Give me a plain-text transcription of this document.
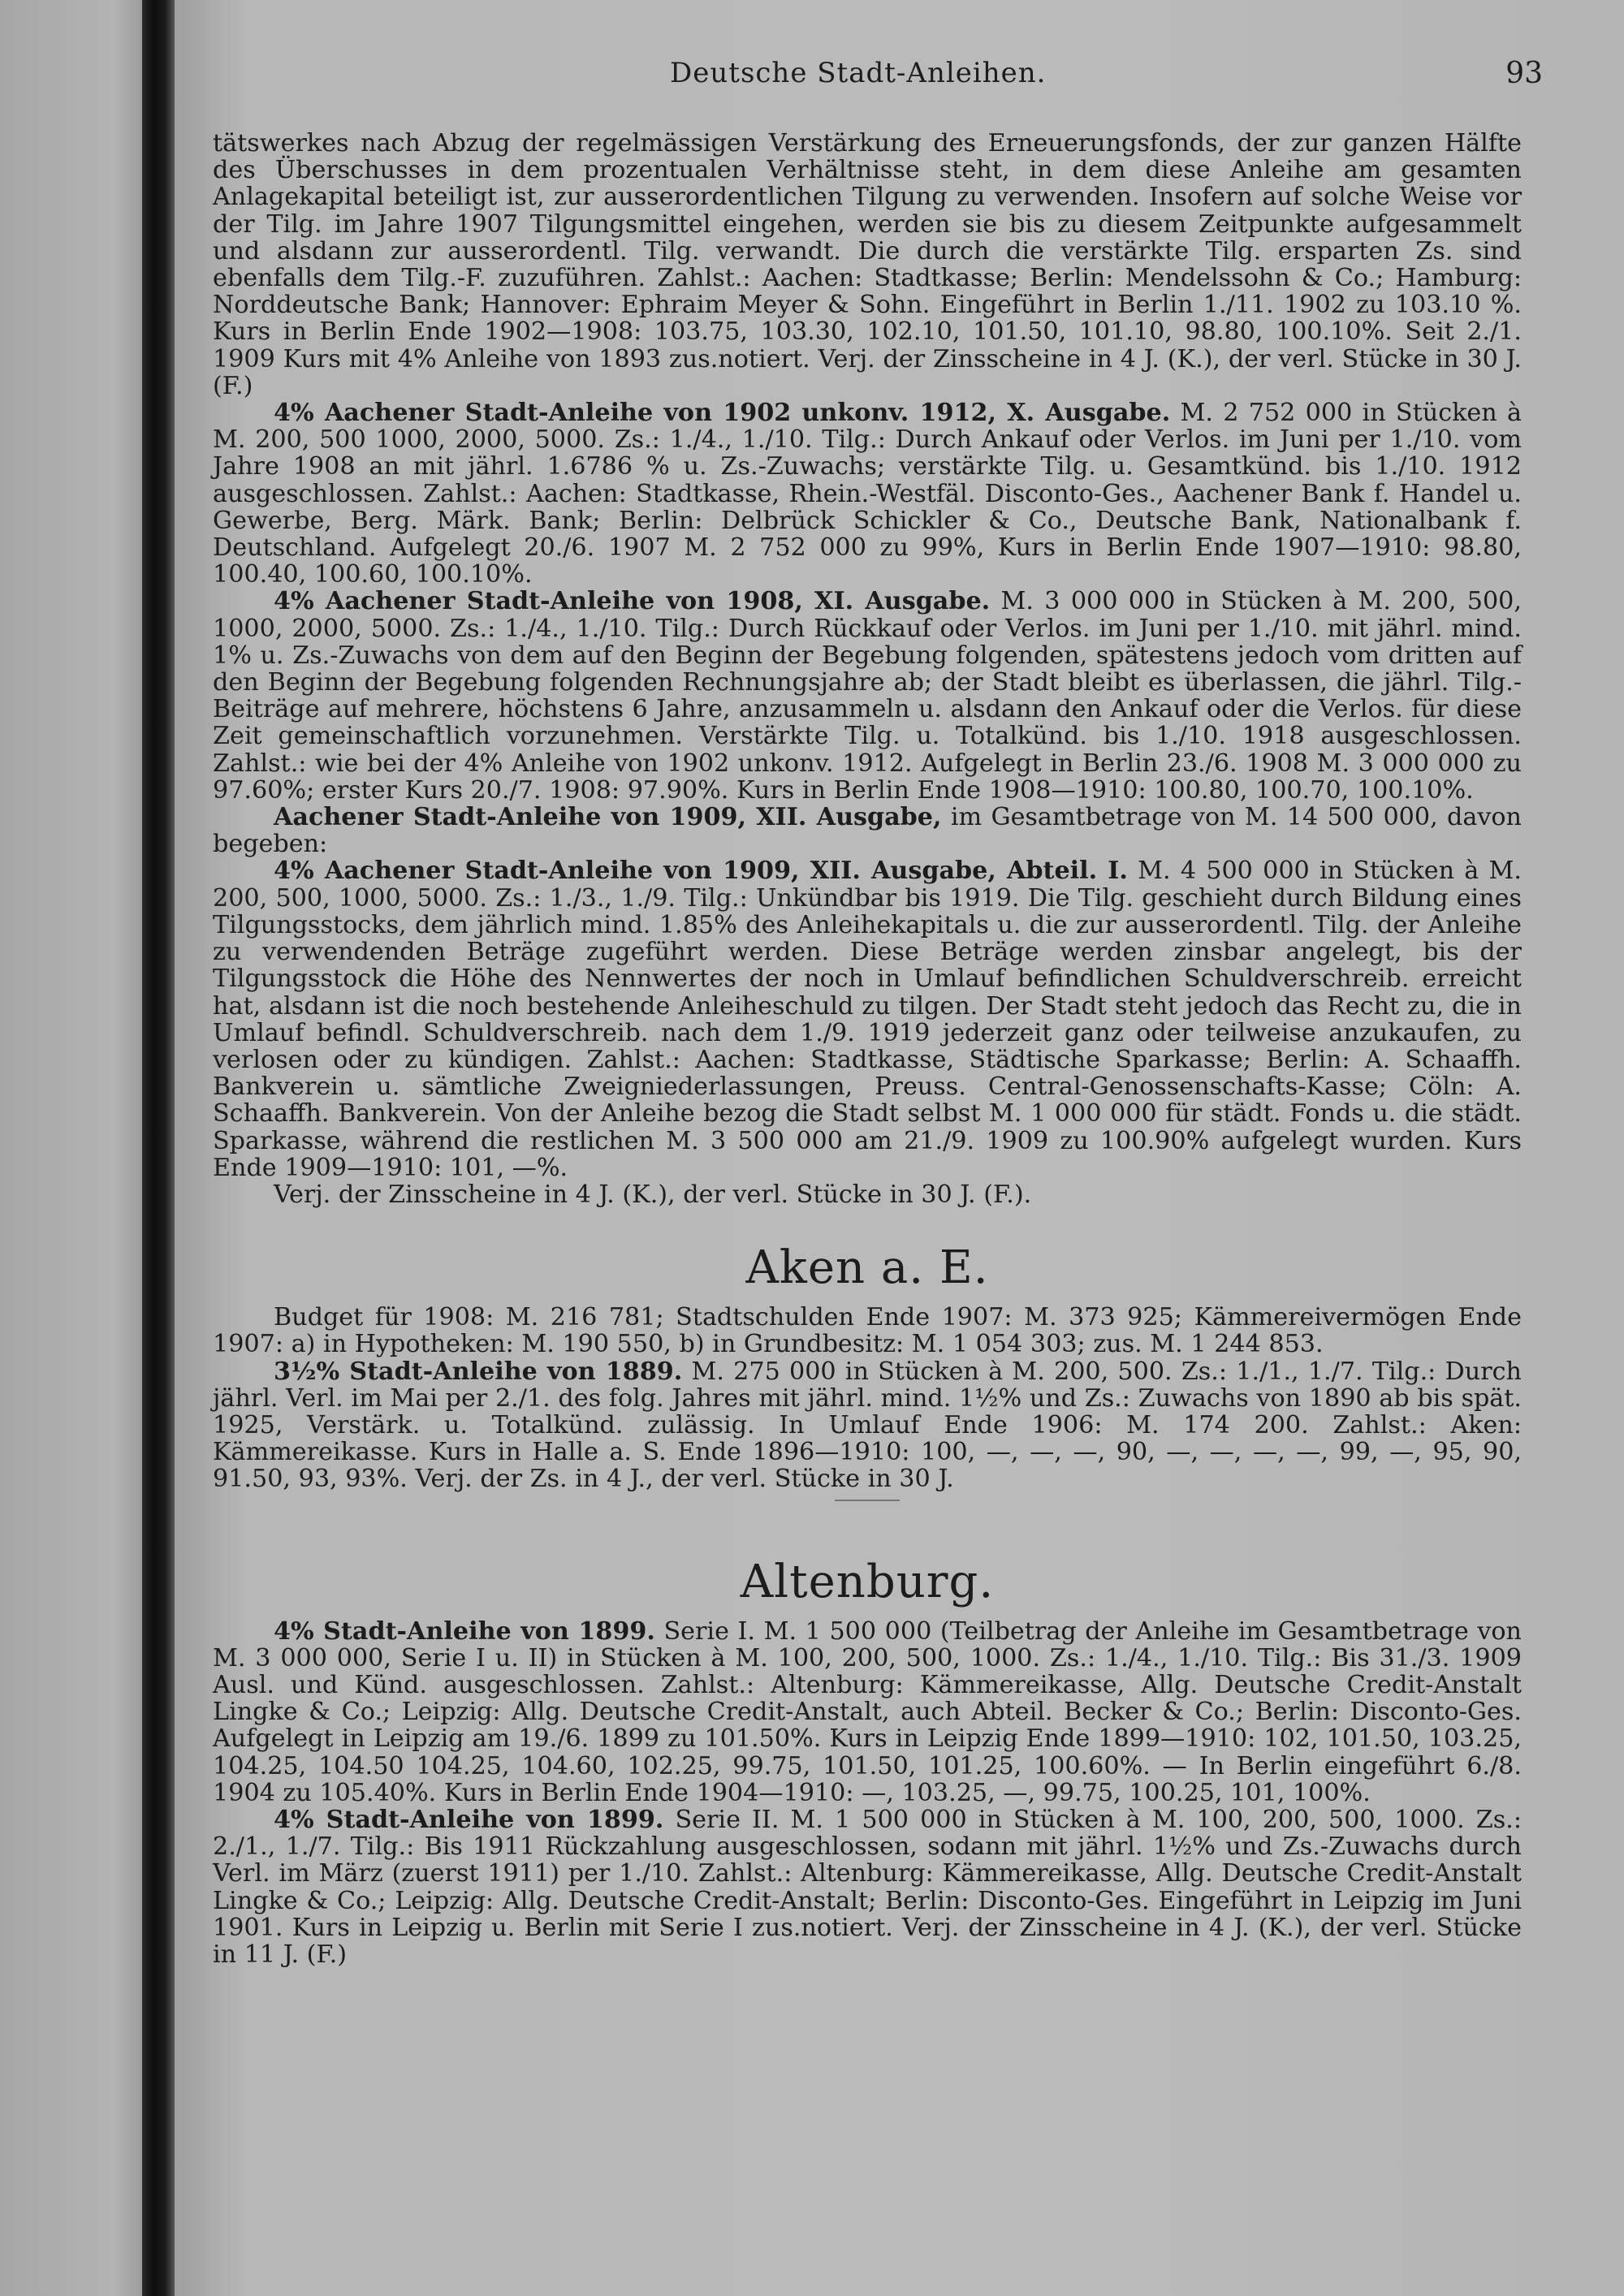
Deutsche Stadt-Anleihen.	93

tätswerkes nach Abzug der regelmässigen Verstärkung des Erneuerungsfonds, der zur ganzen Hälfte des Überschusses in dem prozentualen Verhältnisse steht, in dem diese Anleihe am gesamten Anlagekapital beteiligt ist, zur ausserordentlichen Tilgung zu verwenden. Insofern auf solche Weise vor der Tilg. im Jahre 1907 Tilgungsmittel eingehen, werden sie bis zu diesem Zeitpunkte aufgesammelt und alsdann zur ausserordentl. Tilg. verwandt. Die durch die verstärkte Tilg. ersparten Zs. sind ebenfalls dem Tilg.-F. zuzuführen. Zahlst.: Aachen: Stadtkasse; Berlin: Mendelssohn & Co.; Hamburg: Norddeutsche Bank; Hannover: Ephraim Meyer & Sohn. Eingeführt in Berlin 1./11. 1902 zu 103.10 %. Kurs in Berlin Ende 1902—1908: 103.75, 103.30, 102.10, 101.50, 101.10, 98.80, 100.10%. Seit 2./1. 1909 Kurs mit 4% Anleihe von 1893 zus.notiert. Verj. der Zinsscheine in 4 J. (K.), der verl. Stücke in 30 J. (F.)

4% Aachener Stadt-Anleihe von 1902 unkonv. 1912, X. Ausgabe. M. 2 752 000 in Stücken à M. 200, 500 1000, 2000, 5000. Zs.: 1./4., 1./10. Tilg.: Durch Ankauf oder Verlos. im Juni per 1./10. vom Jahre 1908 an mit jährl. 1.6786 % u. Zs.-Zuwachs; verstärkte Tilg. u. Gesamtkünd. bis 1./10. 1912 ausgeschlossen. Zahlst.: Aachen: Stadtkasse, Rhein.-Westfäl. Disconto-Ges., Aachener Bank f. Handel u. Gewerbe, Berg. Märk. Bank; Berlin: Delbrück Schickler & Co., Deutsche Bank, Nationalbank f. Deutschland. Aufgelegt 20./6. 1907 M. 2 752 000 zu 99%, Kurs in Berlin Ende 1907—1910: 98.80, 100.40, 100.60, 100.10%.

4% Aachener Stadt-Anleihe von 1908, XI. Ausgabe. M. 3 000 000 in Stücken à M. 200, 500, 1000, 2000, 5000. Zs.: 1./4., 1./10. Tilg.: Durch Rückkauf oder Verlos. im Juni per 1./10. mit jährl. mind. 1% u. Zs.-Zuwachs von dem auf den Beginn der Begebung folgenden, spätestens jedoch vom dritten auf den Beginn der Begebung folgenden Rechnungsjahre ab; der Stadt bleibt es überlassen, die jährl. Tilg.-Beiträge auf mehrere, höchstens 6 Jahre, anzusammeln u. alsdann den Ankauf oder die Verlos. für diese Zeit gemeinschaftlich vorzunehmen. Verstärkte Tilg. u. Totalkünd. bis 1./10. 1918 ausgeschlossen. Zahlst.: wie bei der 4% Anleihe von 1902 unkonv. 1912. Aufgelegt in Berlin 23./6. 1908 M. 3 000 000 zu 97.60%; erster Kurs 20./7. 1908: 97.90%. Kurs in Berlin Ende 1908—1910: 100.80, 100.70, 100.10%.

Aachener Stadt-Anleihe von 1909, XII. Ausgabe, im Gesamtbetrage von M. 14 500 000, davon begeben:

4% Aachener Stadt-Anleihe von 1909, XII. Ausgabe, Abteil. I. M. 4 500 000 in Stücken à M. 200, 500, 1000, 5000. Zs.: 1./3., 1./9. Tilg.: Unkündbar bis 1919. Die Tilg. geschieht durch Bildung eines Tilgungsstocks, dem jährlich mind. 1.85% des Anleihekapitals u. die zur ausserordentl. Tilg. der Anleihe zu verwendenden Beträge zugeführt werden. Diese Beträge werden zinsbar angelegt, bis der Tilgungsstock die Höhe des Nennwertes der noch in Umlauf befindlichen Schuldverschreib. erreicht hat, alsdann ist die noch bestehende Anleiheschuld zu tilgen. Der Stadt steht jedoch das Recht zu, die in Umlauf befindl. Schuldverschreib. nach dem 1./9. 1919 jederzeit ganz oder teilweise anzukaufen, zu verlosen oder zu kündigen. Zahlst.: Aachen: Stadtkasse, Städtische Sparkasse; Berlin: A. Schaaffh. Bankverein u. sämtliche Zweigniederlassungen, Preuss. Central-Genossenschafts-Kasse; Cöln: A. Schaaffh. Bankverein. Von der Anleihe bezog die Stadt selbst M. 1 000 000 für städt. Fonds u. die städt. Sparkasse, während die restlichen M. 3 500 000 am 21./9. 1909 zu 100.90% aufgelegt wurden. Kurs Ende 1909—1910: 101, —%.

Verj. der Zinsscheine in 4 J. (K.), der verl. Stücke in 30 J. (F.).

Aken a. E.

Budget für 1908: M. 216 781; Stadtschulden Ende 1907: M. 373 925; Kämmereivermögen Ende 1907: a) in Hypotheken: M. 190 550, b) in Grundbesitz: M. 1 054 303; zus. M. 1 244 853.

3½% Stadt-Anleihe von 1889. M. 275 000 in Stücken à M. 200, 500. Zs.: 1./1., 1./7. Tilg.: Durch jährl. Verl. im Mai per 2./1. des folg. Jahres mit jährl. mind. 1½% und Zs.: Zuwachs von 1890 ab bis spät. 1925, Verstärk. u. Totalkünd. zulässig. In Umlauf Ende 1906: M. 174 200. Zahlst.: Aken: Kämmereikasse. Kurs in Halle a. S. Ende 1896—1910: 100, —, —, —, 90, —, —, —, —, 99, —, 95, 90, 91.50, 93, 93%. Verj. der Zs. in 4 J., der verl. Stücke in 30 J.

Altenburg.

4% Stadt-Anleihe von 1899. Serie I. M. 1 500 000 (Teilbetrag der Anleihe im Gesamtbetrage von M. 3 000 000, Serie I u. II) in Stücken à M. 100, 200, 500, 1000. Zs.: 1./4., 1./10. Tilg.: Bis 31./3. 1909 Ausl. und Künd. ausgeschlossen. Zahlst.: Altenburg: Kämmereikasse, Allg. Deutsche Credit-Anstalt Lingke & Co.; Leipzig: Allg. Deutsche Credit-Anstalt, auch Abteil. Becker & Co.; Berlin: Disconto-Ges. Aufgelegt in Leipzig am 19./6. 1899 zu 101.50%. Kurs in Leipzig Ende 1899—1910: 102, 101.50, 103.25, 104.25, 104.50 104.25, 104.60, 102.25, 99.75, 101.50, 101.25, 100.60%. — In Berlin eingeführt 6./8. 1904 zu 105.40%. Kurs in Berlin Ende 1904—1910: —, 103.25, —, 99.75, 100.25, 101, 100%.

4% Stadt-Anleihe von 1899. Serie II. M. 1 500 000 in Stücken à M. 100, 200, 500, 1000. Zs.: 2./1., 1./7. Tilg.: Bis 1911 Rückzahlung ausgeschlossen, sodann mit jährl. 1½% und Zs.-Zuwachs durch Verl. im März (zuerst 1911) per 1./10. Zahlst.: Altenburg: Kämmereikasse, Allg. Deutsche Credit-Anstalt Lingke & Co.; Leipzig: Allg. Deutsche Credit-Anstalt; Berlin: Disconto-Ges. Eingeführt in Leipzig im Juni 1901. Kurs in Leipzig u. Berlin mit Serie I zus.notiert. Verj. der Zinsscheine in 4 J. (K.), der verl. Stücke in 11 J. (F.)
